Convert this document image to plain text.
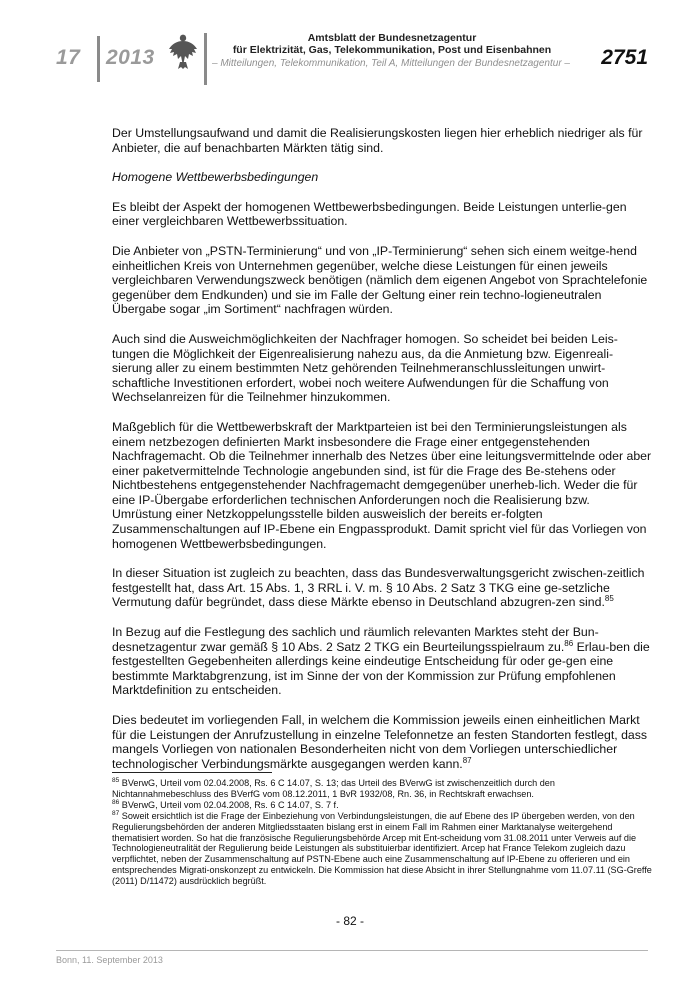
17 2013
Amtsblatt der Bundesnetzagentur
für Elektrizität, Gas, Telekommunikation, Post und Eisenbahnen
– Mitteilungen, Telekommunikation, Teil A, Mitteilungen der Bundesnetzagentur – 2751

Der Umstellungsaufwand und damit die Realisierungskosten liegen hier erheblich niedriger als für Anbieter, die auf benachbarten Märkten tätig sind.

Homogene Wettbewerbsbedingungen

Es bleibt der Aspekt der homogenen Wettbewerbsbedingungen. Beide Leistungen unterlie-gen einer vergleichbaren Wettbewerbssituation.

Die Anbieter von „PSTN-Terminierung“ und von „IP-Terminierung“ sehen sich einem weitge-hend einheitlichen Kreis von Unternehmen gegenüber, welche diese Leistungen für einen jeweils vergleichbaren Verwendungszweck benötigen (nämlich dem eigenen Angebot von Sprachtelefonie gegenüber dem Endkunden) und sie im Falle der Geltung einer rein techno-logieneutralen Übergabe sogar „im Sortiment“ nachfragen würden.

Auch sind die Ausweichmöglichkeiten der Nachfrager homogen. So scheidet bei beiden Leis-tungen die Möglichkeit der Eigenrealisierung nahezu aus, da die Anmietung bzw. Eigenreali-sierung aller zu einem bestimmten Netz gehörenden Teilnehmeranschlussleitungen unwirt-schaftliche Investitionen erfordert, wobei noch weitere Aufwendungen für die Schaffung von Wechselanreizen für die Teilnehmer hinzukommen.

Maßgeblich für die Wettbewerbskraft der Marktparteien ist bei den Terminierungsleistungen als einem netzbezogen definierten Markt insbesondere die Frage einer entgegenstehenden Nachfragemacht. Ob die Teilnehmer innerhalb des Netzes über eine leitungsvermittelnde oder aber einer paketvermittelnde Technologie angebunden sind, ist für die Frage des Be-stehens oder Nichtbestehens entgegenstehender Nachfragemacht demgegenüber unerheb-lich. Weder die für eine IP-Übergabe erforderlichen technischen Anforderungen noch die Realisierung bzw. Umrüstung einer Netzkoppelungsstelle bilden ausweislich der bereits er-folgten Zusammenschaltungen auf IP-Ebene ein Engpassprodukt. Damit spricht viel für das Vorliegen von homogenen Wettbewerbsbedingungen.

In dieser Situation ist zugleich zu beachten, dass das Bundesverwaltungsgericht zwischen-zeitlich festgestellt hat, dass Art. 15 Abs. 1, 3 RRL i. V. m. § 10 Abs. 2 Satz 3 TKG eine ge-setzliche Vermutung dafür begründet, dass diese Märkte ebenso in Deutschland abzugren-zen sind.$^{85}$

In Bezug auf die Festlegung des sachlich und räumlich relevanten Marktes steht der Bun-desnetzagentur zwar gemäß § 10 Abs. 2 Satz 2 TKG ein Beurteilungsspielraum zu.$^{86}$ Erlau-ben die festgestellten Gegebenheiten allerdings keine eindeutige Entscheidung für oder ge-gen eine bestimmte Marktabgrenzung, ist im Sinne der von der Kommission zur Prüfung empfohlenen Marktdefinition zu entscheiden.

Dies bedeutet im vorliegenden Fall, in welchem die Kommission jeweils einen einheitlichen Markt für die Leistungen der Anrufzustellung in einzelne Telefonnetze an festen Standorten festlegt, dass mangels Vorliegen von nationalen Besonderheiten nicht von dem Vorliegen unterschiedlicher technologischer Verbindungsmärkte ausgegangen werden kann.$^{87}$

$^{85}$ BVerwG, Urteil vom 02.04.2008, Rs. 6 C 14.07, S. 13; das Urteil des BVerwG ist zwischenzeitlich durch den Nichtannahmebeschluss des BVerfG vom 08.12.2011, 1 BvR 1932/08, Rn. 36, in Rechtskraft erwachsen.

$^{86}$ BVerwG, Urteil vom 02.04.2008, Rs. 6 C 14.07, S. 7 f.

$^{87}$ Soweit ersichtlich ist die Frage der Einbeziehung von Verbindungsleistungen, die auf Ebene des IP übergeben werden, von den Regulierungsbehörden der anderen Mitgliedsstaaten bislang erst in einem Fall im Rahmen einer Marktanalyse weitergehend thematisiert worden. So hat die französische Regulierungsbehörde Arcep mit Ent-scheidung vom 31.08.2011 unter Verweis auf die Technologieneutralität der Regulierung beide Leistungen als substituierbar identifiziert. Arcep hat France Telekom zugleich dazu verpflichtet, neben der Zusammenschaltung auf PSTN-Ebene auch eine Zusammenschaltung auf IP-Ebene zu offerieren und ein entsprechendes Migrati-onskonzept zu entwickeln. Die Kommission hat diese Absicht in ihrer Stellungnahme vom 11.07.11 (SG-Greffe (2011) D/11472) ausdrücklich begrüßt.

- 82 -
Bonn, 11. September 2013
